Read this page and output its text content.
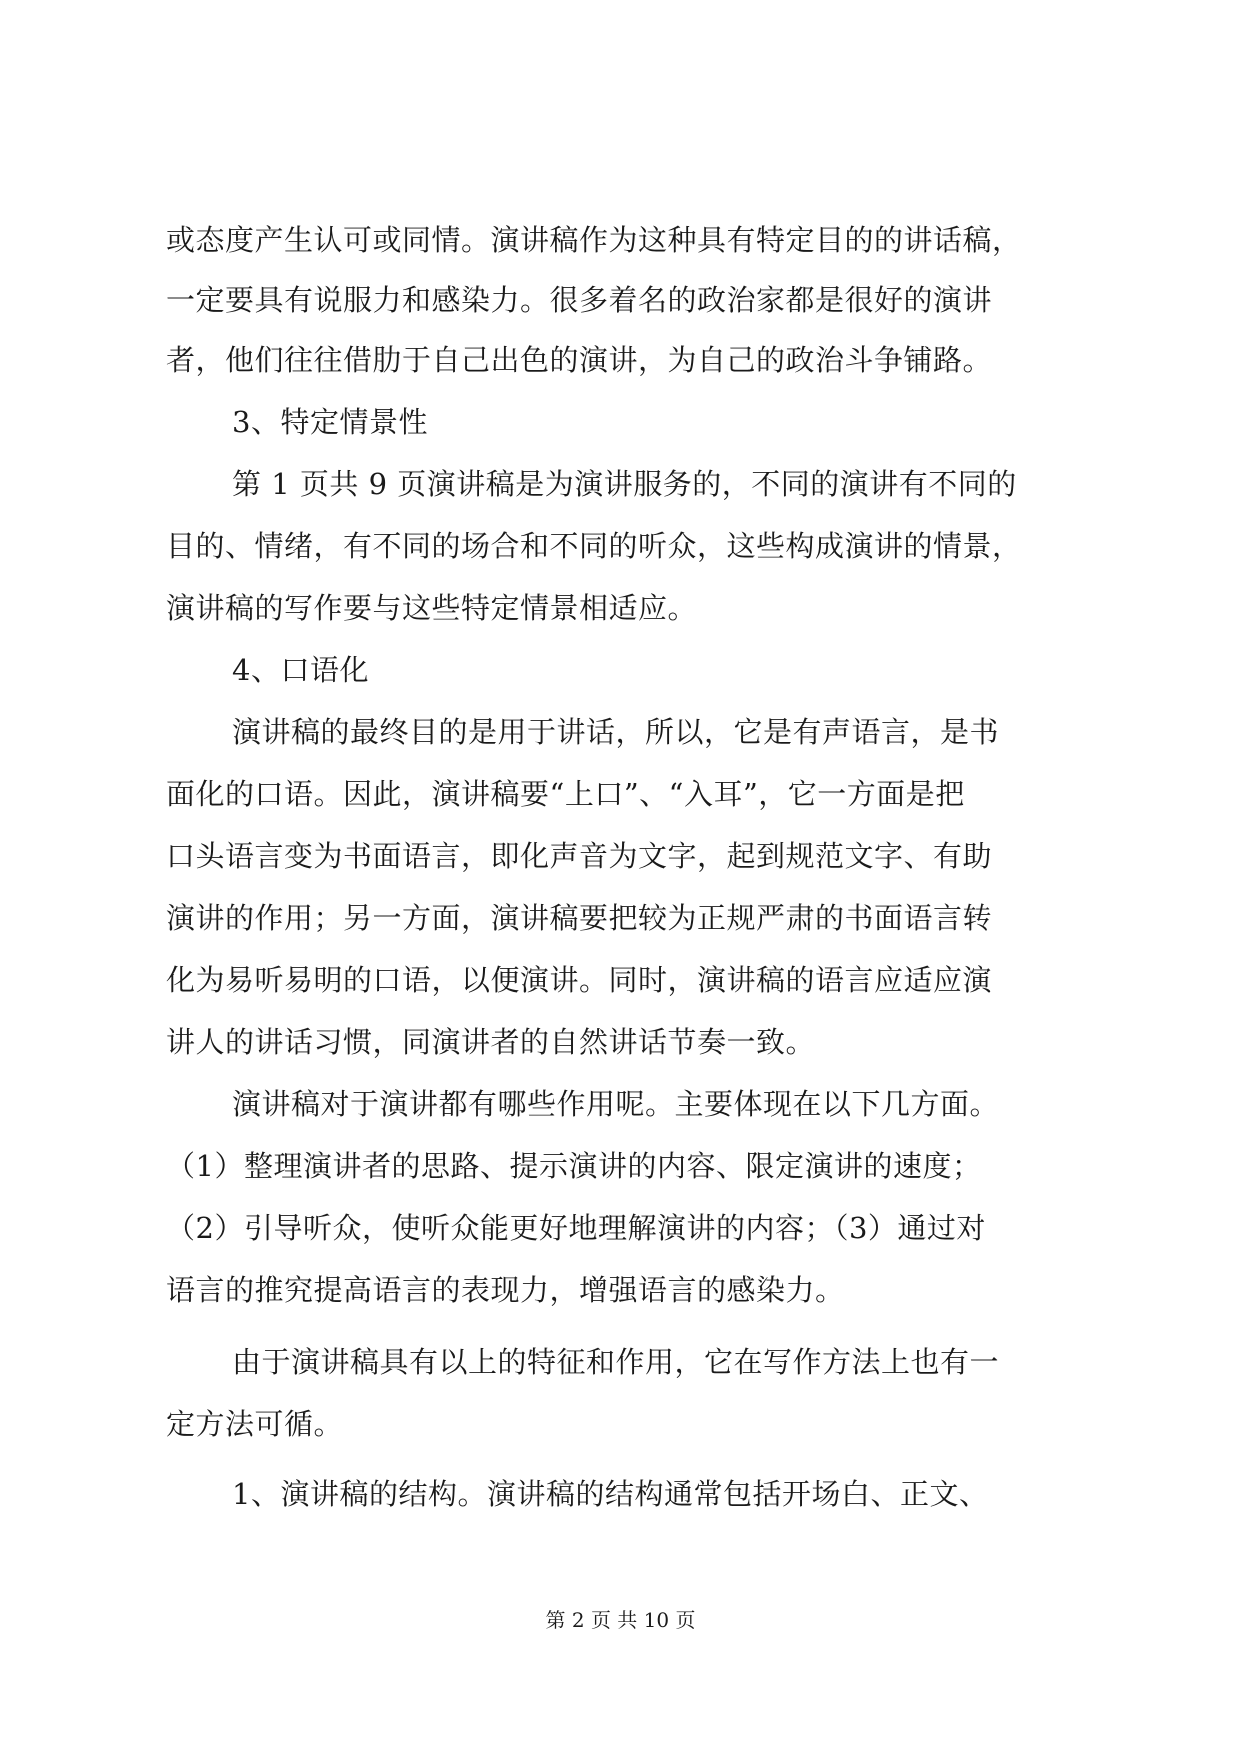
或态度产生认可或同情。演讲稿作为这种具有特定目的的讲话稿，
一定要具有说服力和感染力。很多着名的政治家都是很好的演讲
者，他们往往借肋于自己出色的演讲，为自己的政治斗争铺路。
3、特定情景性
第 1 页共 9 页演讲稿是为演讲服务的，不同的演讲有不同的
目的、情绪，有不同的场合和不同的听众，这些构成演讲的情景，
演讲稿的写作要与这些特定情景相适应。
4、口语化
演讲稿的最终目的是用于讲话，所以，它是有声语言，是书
面化的口语。因此，演讲稿要“上口”、“入耳”，它一方面是把
口头语言变为书面语言，即化声音为文字，起到规范文字、有助
演讲的作用；另一方面，演讲稿要把较为正规严肃的书面语言转
化为易听易明的口语，以便演讲。同时，演讲稿的语言应适应演
讲人的讲话习惯，同演讲者的自然讲话节奏一致。
演讲稿对于演讲都有哪些作用呢。主要体现在以下几方面。
（1）整理演讲者的思路、提示演讲的内容、限定演讲的速度；
（2）引导听众，使听众能更好地理解演讲的内容；（3）通过对
语言的推究提高语言的表现力，增强语言的感染力。
由于演讲稿具有以上的特征和作用，它在写作方法上也有一
定方法可循。
1、演讲稿的结构。演讲稿的结构通常包括开场白、正文、
第 2 页 共 10 页
